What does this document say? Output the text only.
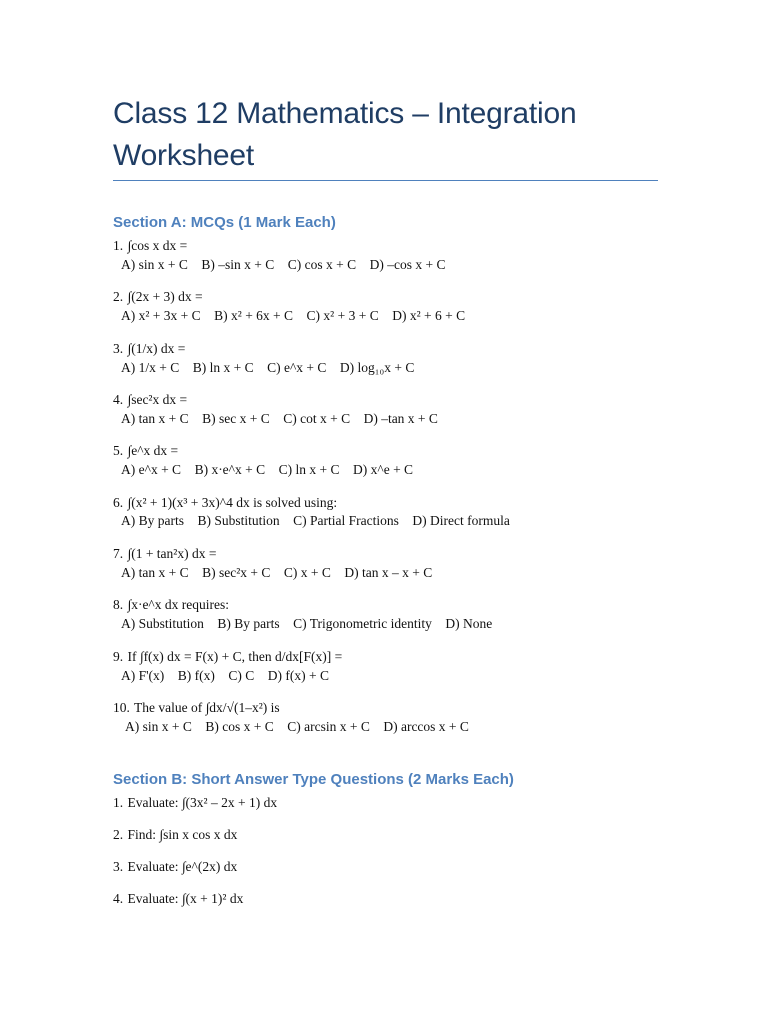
Class 12 Mathematics – Integration Worksheet
Section A: MCQs (1 Mark Each)
1. ∫cos x dx =
A) sin x + C    B) –sin x + C    C) cos x + C    D) –cos x + C
2. ∫(2x + 3) dx =
A) x² + 3x + C    B) x² + 6x + C    C) x² + 3 + C    D) x² + 6 + C
3. ∫(1/x) dx =
A) 1/x + C    B) ln x + C    C) e^x + C    D) log₁₀x + C
4. ∫sec²x dx =
A) tan x + C    B) sec x + C    C) cot x + C    D) –tan x + C
5. ∫e^x dx =
A) e^x + C    B) x·e^x + C    C) ln x + C    D) x^e + C
6. ∫(x² + 1)(x³ + 3x)^4 dx is solved using:
A) By parts    B) Substitution    C) Partial Fractions    D) Direct formula
7. ∫(1 + tan²x) dx =
A) tan x + C    B) sec²x + C    C) x + C    D) tan x – x + C
8. ∫x·e^x dx requires:
A) Substitution    B) By parts    C) Trigonometric identity    D) None
9. If ∫f(x) dx = F(x) + C, then d/dx[F(x)] =
A) F'(x)    B) f(x)    C) C    D) f(x) + C
10. The value of ∫dx/√(1–x²) is
A) sin x + C    B) cos x + C    C) arcsin x + C    D) arccos x + C
Section B: Short Answer Type Questions (2 Marks Each)
1. Evaluate: ∫(3x² – 2x + 1) dx
2. Find: ∫sin x cos x dx
3. Evaluate: ∫e^(2x) dx
4. Evaluate: ∫(x + 1)² dx
